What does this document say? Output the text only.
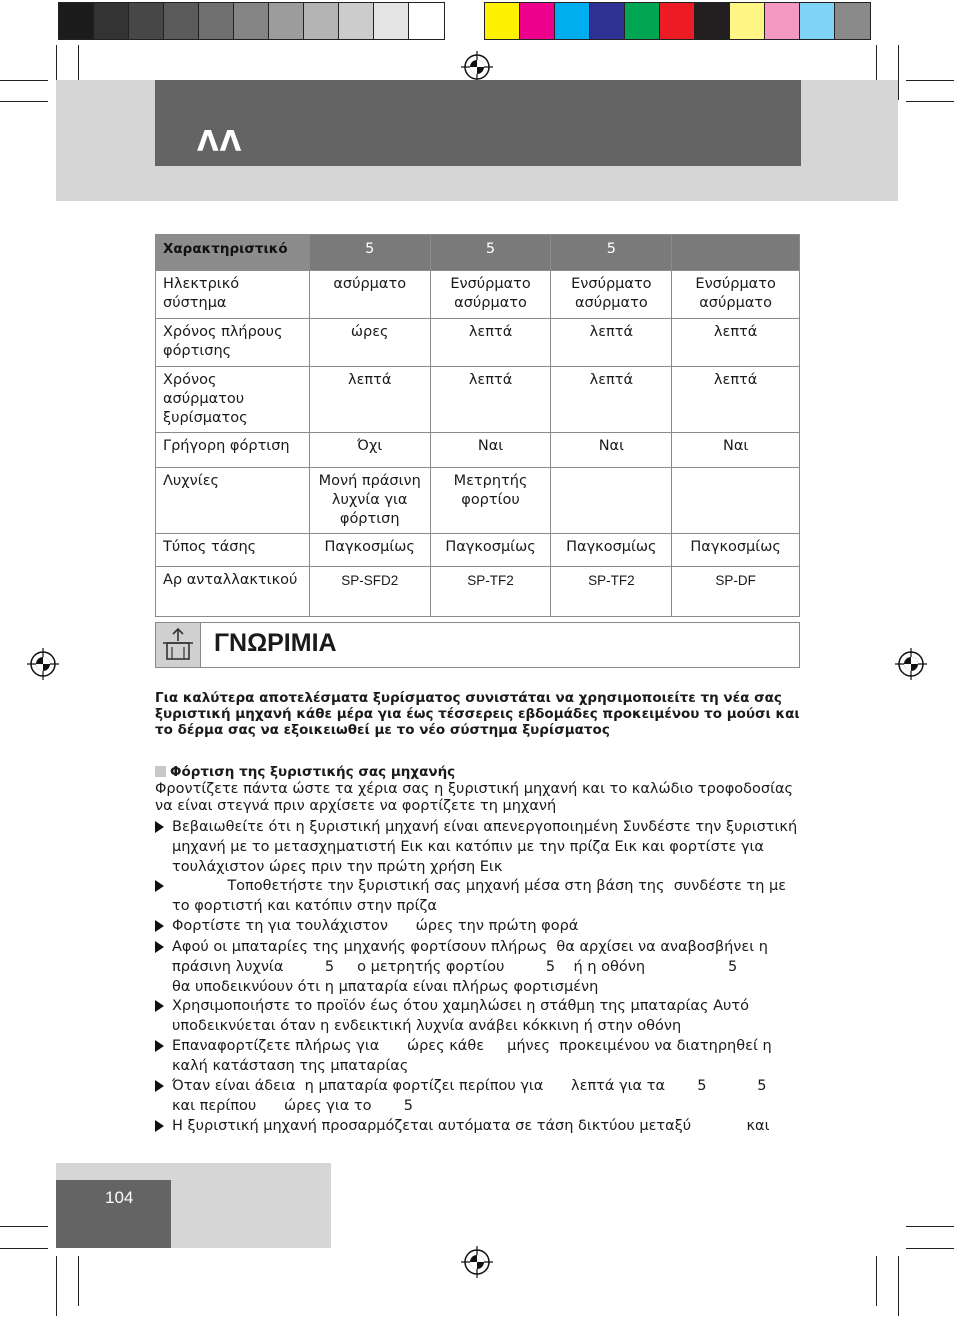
ΛΛ
Χαρακτηριστικό	5	5	5	
Ηλεκτρικό σύστημα	ασύρματο	Ενσύρματο ασύρματο	Ενσύρματο ασύρματο	Ενσύρματο ασύρματο
Χρόνος πλήρους φόρτισης	ώρες	λεπτά	λεπτά	λεπτά
Χρόνος ασύρματου ξυρίσματος	λεπτά	λεπτά	λεπτά	λεπτά
Γρήγορη φόρτιση	Όχι	Ναι	Ναι	Ναι
Λυχνίες	Μονή πράσινη λυχνία για φόρτιση	Μετρητής φορτίου		
Τύπος τάσης	Παγκοσμίως	Παγκοσμίως	Παγκοσμίως	Παγκοσμίως
Αρ ανταλλακτικού	SP-SFD2	SP-TF2	SP-TF2	SP-DF
ΓΝΩΡΙΜΙΑ
Για καλύτερα αποτελέσματα ξυρίσματος συνιστάται να χρησιμοποιείτε τη νέα σας ξυριστική μηχανή κάθε μέρα για έως τέσσερεις εβδομάδες προκειμένου το μούσι και το δέρμα σας να εξοικειωθεί με το νέο σύστημα ξυρίσματος
Φόρτιση της ξυριστικής σας μηχανής
Φροντίζετε πάντα ώστε τα χέρια σας η ξυριστική μηχανή και το καλώδιο τροφοδοσίας να είναι στεγνά πριν αρχίσετε να φορτίζετε τη μηχανή
Βεβαιωθείτε ότι η ξυριστική μηχανή είναι απενεργοποιημένη Συνδέστε την ξυριστική μηχανή με το μετασχηματιστή Εικ και κατόπιν με την πρίζα Εικ και φορτίστε για τουλάχιστον ώρες πριν την πρώτη χρήση Εικ
Τοποθετήστε την ξυριστική σας μηχανή μέσα στη βάση της  συνδέστε τη με το φορτιστή και κατόπιν στην πρίζα
Φορτίστε τη για τουλάχιστον      ώρες την πρώτη φορά
Αφού οι μπαταρίες της μηχανής φορτίσουν πλήρως  θα αρχίσει να αναβοσβήνει η πράσινη λυχνία         5     ο μετρητής φορτίου         5    ή η οθόνη                  5                  θα υποδεικνύουν ότι η μπαταρία είναι πλήρως φορτισμένη
Χρησιμοποιήστε το προϊόν έως ότου χαμηλώσει η στάθμη της μπαταρίας Αυτό υποδεικνύεται όταν η ενδεικτική λυχνία ανάβει κόκκινη ή στην οθόνη
Επαναφορτίζετε πλήρως για      ώρες κάθε     μήνες  προκειμένου να διατηρηθεί η καλή κατάσταση της μπαταρίας
Όταν είναι άδεια  η μπαταρία φορτίζει περίπου για      λεπτά για τα       5           5              και περίπου      ώρες για το       5
Η ξυριστική μηχανή προσαρμόζεται αυτόματα σε τάση δικτύου μεταξύ            και
104
